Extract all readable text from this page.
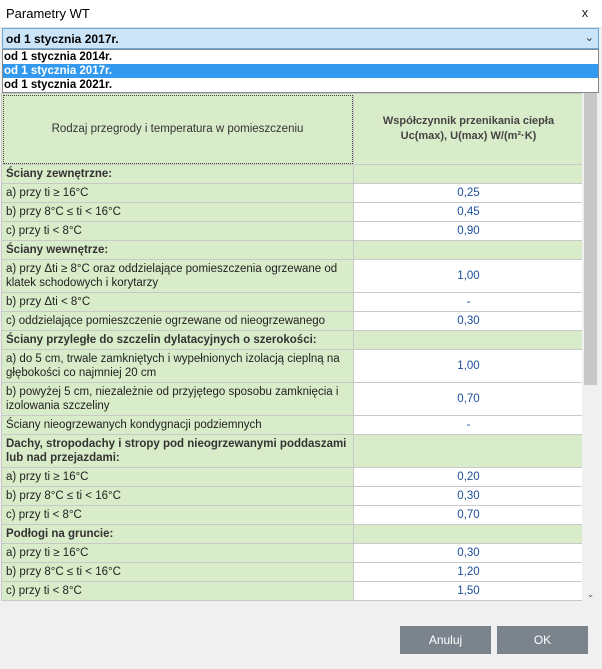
Parametry WT	x
od 1 stycznia 2017r.	⌄
od 1 stycznia 2014r.
od 1 stycznia 2017r.
od 1 stycznia 2021r.
Rodzaj przegrody i temperatura w pomieszczeniu	Współczynnik przenikania ciepła
Uc(max), U(max) W/(m²·K)
Ściany zewnętrzne:	
a) przy ti ≥ 16°C	0,25
b) przy 8°C ≤ ti < 16°C	0,45
c) przy ti < 8°C	0,90
Ściany wewnętrze:	
a) przy Δti ≥ 8°C oraz oddzielające pomieszczenia ogrzewane od klatek schodowych i korytarzy	1,00
b) przy Δti < 8°C	-
c) oddzielające pomieszczenie ogrzewane od nieogrzewanego	0,30
Ściany przyległe do szczelin dylatacyjnych o szerokości:	
a) do 5 cm, trwale zamkniętych i wypełnionych izolacją cieplną na głębokości co najmniej 20 cm	1,00
b) powyżej 5 cm, niezależnie od przyjętego sposobu zamknięcia i izolowania szczeliny	0,70
Ściany nieogrzewanych kondygnacji podziemnych	-
Dachy, stropodachy i stropy pod nieogrzewanymi poddaszami lub nad przejazdami:	
a) przy ti ≥ 16°C	0,20
b) przy 8°C ≤ ti < 16°C	0,30
c) przy ti < 8°C	0,70
Podłogi na gruncie:	
a) przy ti ≥ 16°C	0,30
b) przy 8°C ≤ ti < 16°C	1,20
c) przy ti < 8°C	1,50	⌄
Anuluj	OK
